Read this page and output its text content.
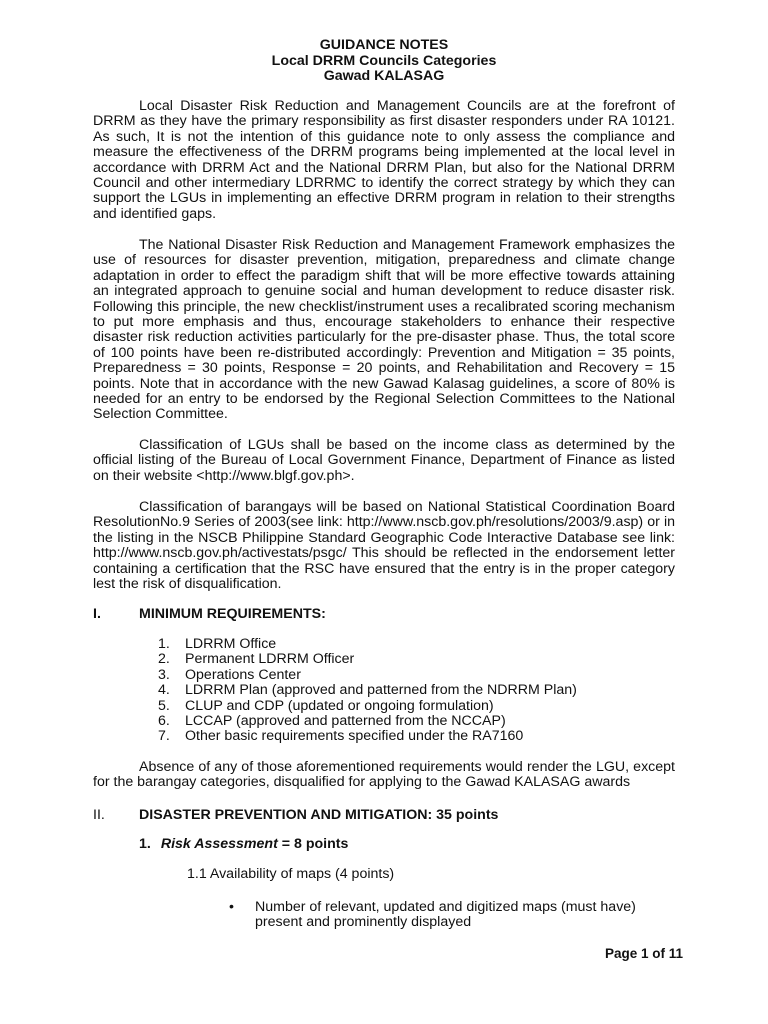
GUIDANCE NOTES
Local DRRM Councils Categories
Gawad KALASAG

Local Disaster Risk Reduction and Management Councils are at the forefront of DRRM as they have the primary responsibility as first disaster responders under RA 10121. As such, It is not the intention of this guidance note to only assess the compliance and measure the effectiveness of the DRRM programs being implemented at the local level in accordance with DRRM Act and the National DRRM Plan, but also for the National DRRM Council and other intermediary LDRRMC to identify the correct strategy by which they can support the LGUs in implementing an effective DRRM program in relation to their strengths and identified gaps.

The National Disaster Risk Reduction and Management Framework emphasizes the use of resources for disaster prevention, mitigation, preparedness and climate change adaptation in order to effect the paradigm shift that will be more effective towards attaining an integrated approach to genuine social and human development to reduce disaster risk. Following this principle, the new checklist/instrument uses a recalibrated scoring mechanism to put more emphasis and thus, encourage stakeholders to enhance their respective disaster risk reduction activities particularly for the pre-disaster phase. Thus, the total score of 100 points have been re-distributed accordingly: Prevention and Mitigation = 35 points, Preparedness = 30 points, Response = 20 points, and Rehabilitation and Recovery = 15 points. Note that in accordance with the new Gawad Kalasag guidelines, a score of 80% is needed for an entry to be endorsed by the Regional Selection Committees to the National Selection Committee.

Classification of LGUs shall be based on the income class as determined by the official listing of the Bureau of Local Government Finance, Department of Finance as listed on their website <http://www.blgf.gov.ph>.

Classification of barangays will be based on National Statistical Coordination Board ResolutionNo.9 Series of 2003(see link: http://www.nscb.gov.ph/resolutions/2003/9.asp) or in the listing in the NSCB Philippine Standard Geographic Code Interactive Database see link: http://www.nscb.gov.ph/activestats/psgc/ This should be reflected in the endorsement letter containing a certification that the RSC have ensured that the entry is in the proper category lest the risk of disqualification.

I.	MINIMUM REQUIREMENTS:
1. LDRRM Office
2. Permanent LDRRM Officer
3. Operations Center
4. LDRRM Plan (approved and patterned from the NDRRM Plan)
5. CLUP and CDP (updated or ongoing formulation)
6. LCCAP (approved and patterned from the NCCAP)
7. Other basic requirements specified under the RA7160

Absence of any of those aforementioned requirements would render the LGU, except for the barangay categories, disqualified for applying to the Gawad KALASAG awards

II. DISASTER PREVENTION AND MITIGATION: 35 points
1. Risk Assessment = 8 points
1.1 Availability of maps (4 points)
• Number of relevant, updated and digitized maps (must have) present and prominently displayed
Page 1 of 11
